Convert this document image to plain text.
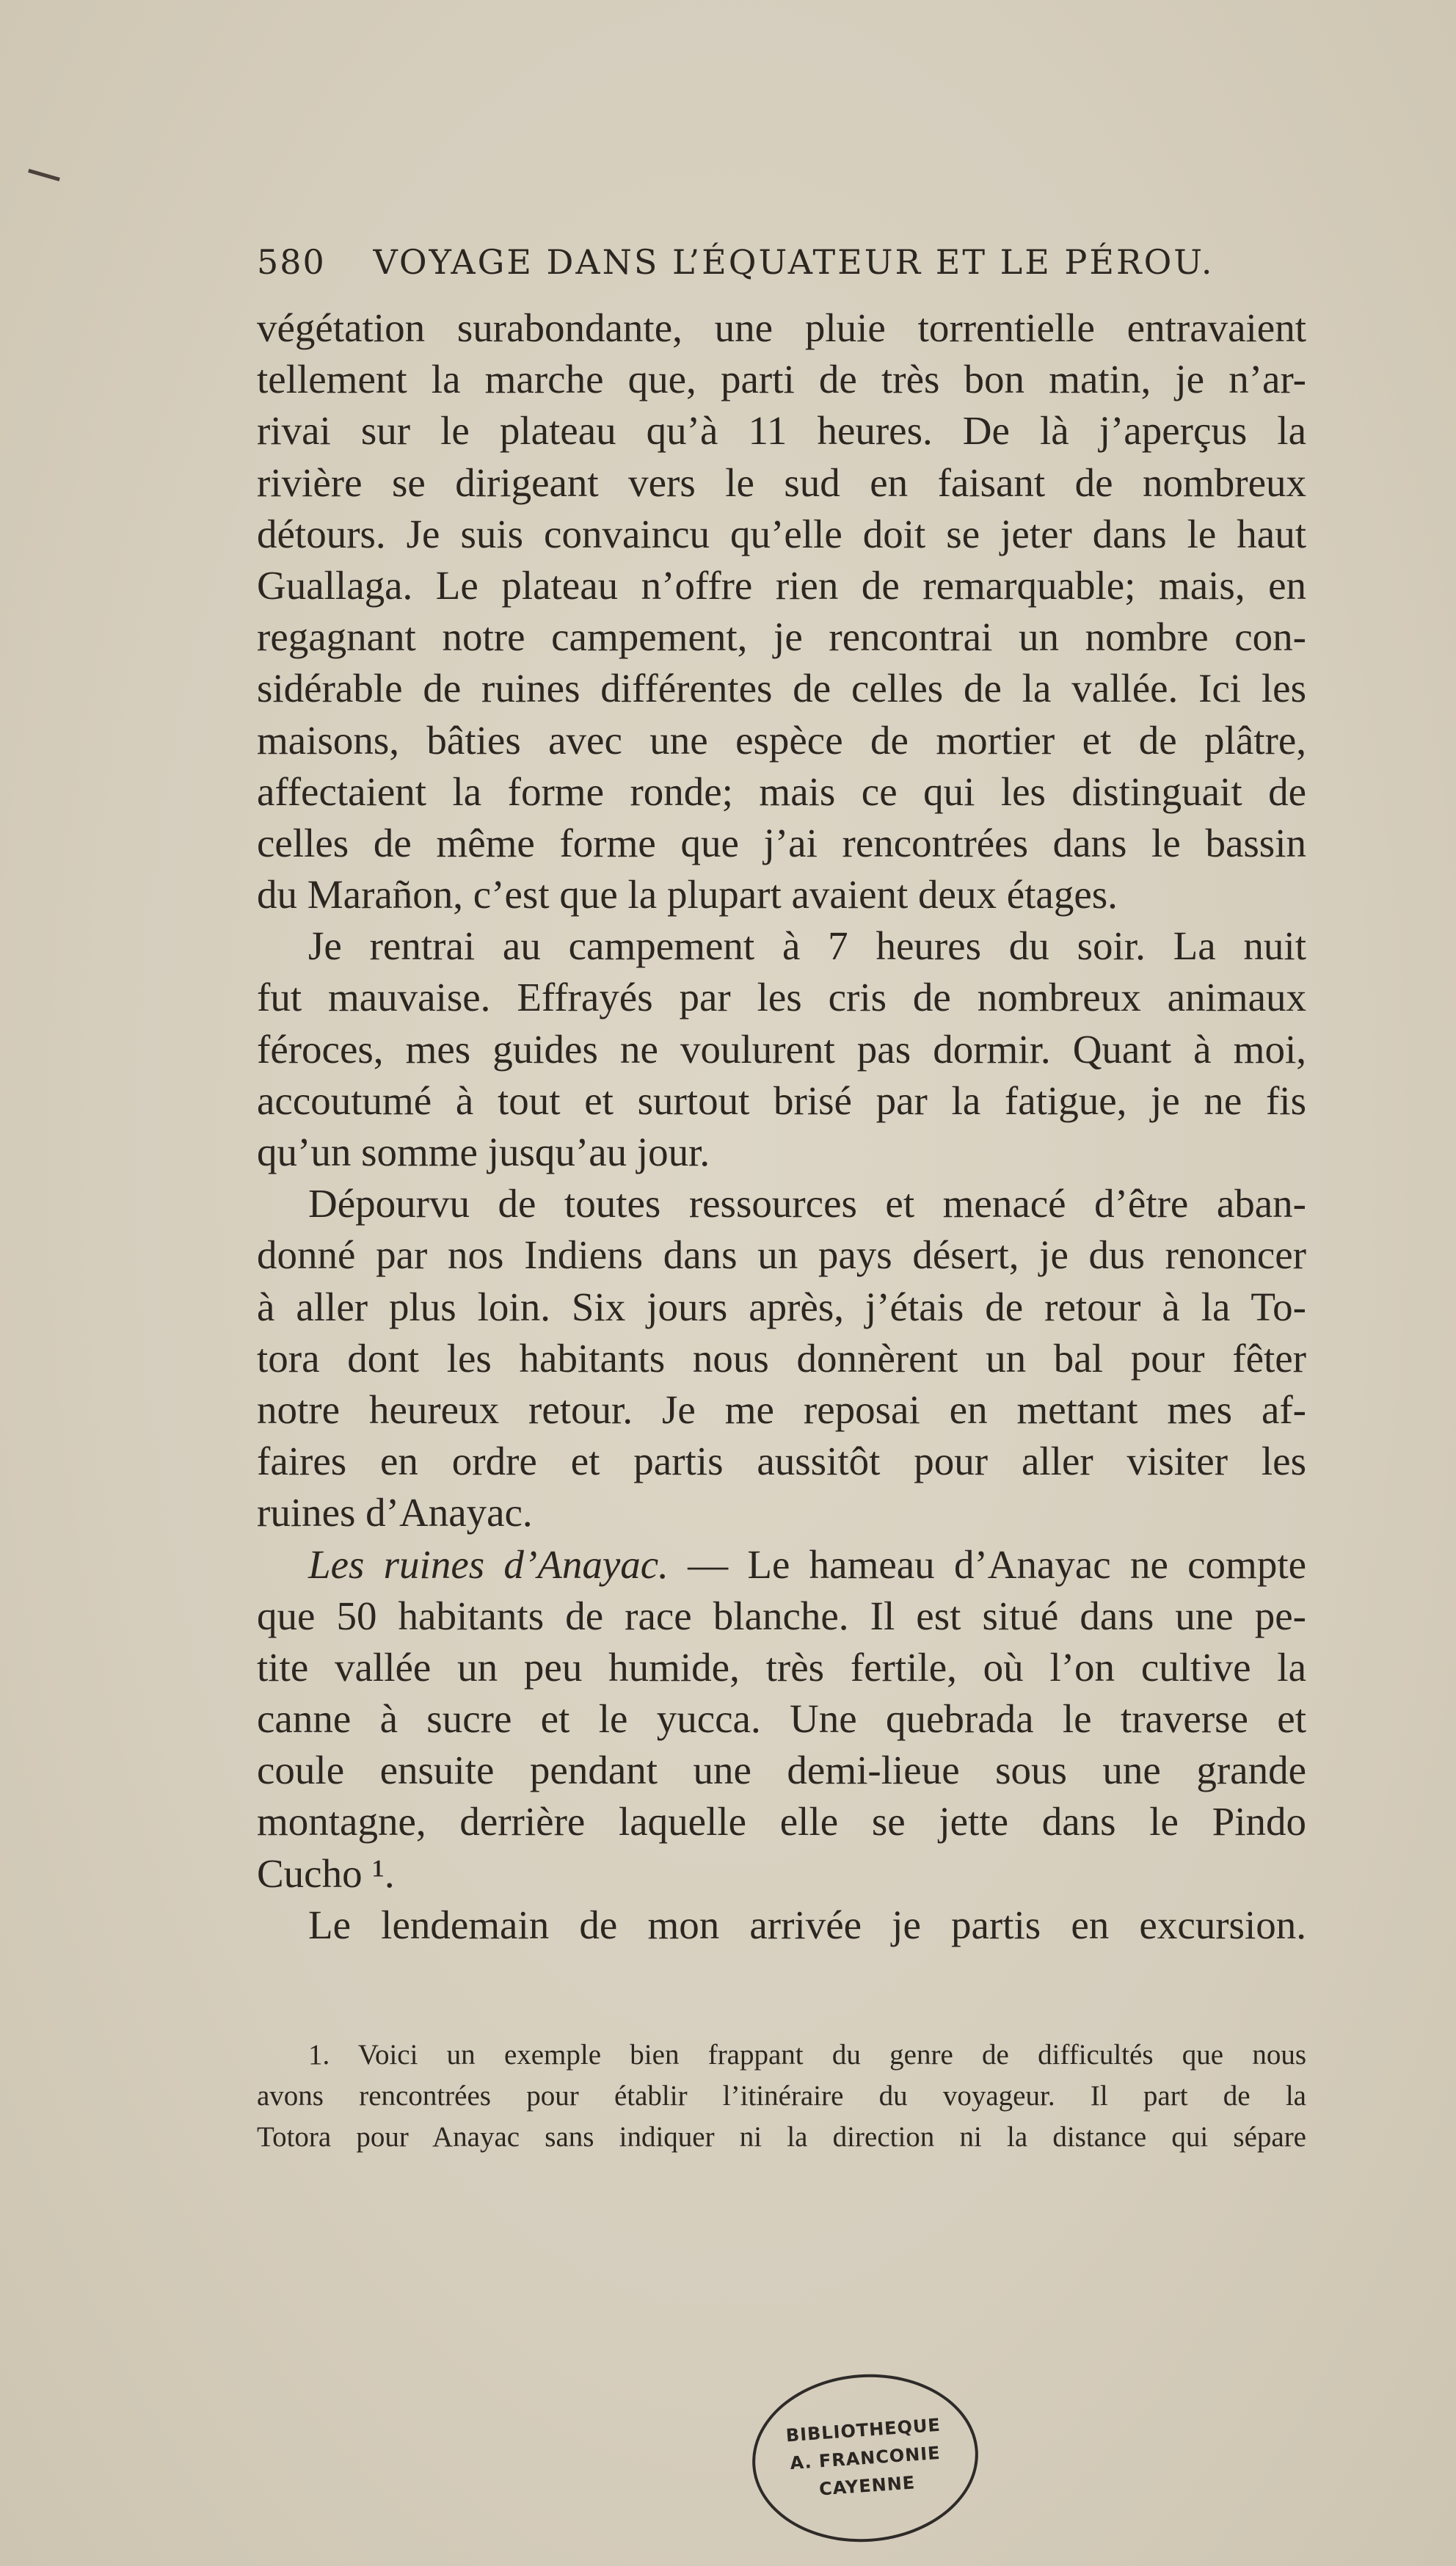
580 VOYAGE DANS L’ÉQUATEUR ET LE PÉROU.
végétation surabondante, une pluie torrentielle entravaient
tellement la marche que, parti de très bon matin, je n’ar-
rivai sur le plateau qu’à 11 heures. De là j’aperçus la
rivière se dirigeant vers le sud en faisant de nombreux
détours. Je suis convaincu qu’elle doit se jeter dans le haut
Guallaga. Le plateau n’offre rien de remarquable; mais, en
regagnant notre campement, je rencontrai un nombre con-
sidérable de ruines différentes de celles de la vallée. Ici les
maisons, bâties avec une espèce de mortier et de plâtre,
affectaient la forme ronde; mais ce qui les distinguait de
celles de même forme que j’ai rencontrées dans le bassin
du Marañon, c’est que la plupart avaient deux étages.
Je rentrai au campement à 7 heures du soir. La nuit
fut mauvaise. Effrayés par les cris de nombreux animaux
féroces, mes guides ne voulurent pas dormir. Quant à moi,
accoutumé à tout et surtout brisé par la fatigue, je ne fis
qu’un somme jusqu’au jour.
Dépourvu de toutes ressources et menacé d’être aban-
donné par nos Indiens dans un pays désert, je dus renoncer
à aller plus loin. Six jours après, j’étais de retour à la To-
tora dont les habitants nous donnèrent un bal pour fêter
notre heureux retour. Je me reposai en mettant mes af-
faires en ordre et partis aussitôt pour aller visiter les
ruines d’Anayac.
Les ruines d’Anayac. — Le hameau d’Anayac ne compte
que 50 habitants de race blanche. Il est situé dans une pe-
tite vallée un peu humide, très fertile, où l’on cultive la
canne à sucre et le yucca. Une quebrada le traverse et
coule ensuite pendant une demi-lieue sous une grande
montagne, derrière laquelle elle se jette dans le Pindo
Cucho ¹.
Le lendemain de mon arrivée je partis en excursion.
1. Voici un exemple bien frappant du genre de difficultés que nous
avons rencontrées pour établir l’itinéraire du voyageur. Il part de la
Totora pour Anayac sans indiquer ni la direction ni la distance qui sépare
BIBLIOTHEQUE
A. FRANCONIE
CAYENNE
